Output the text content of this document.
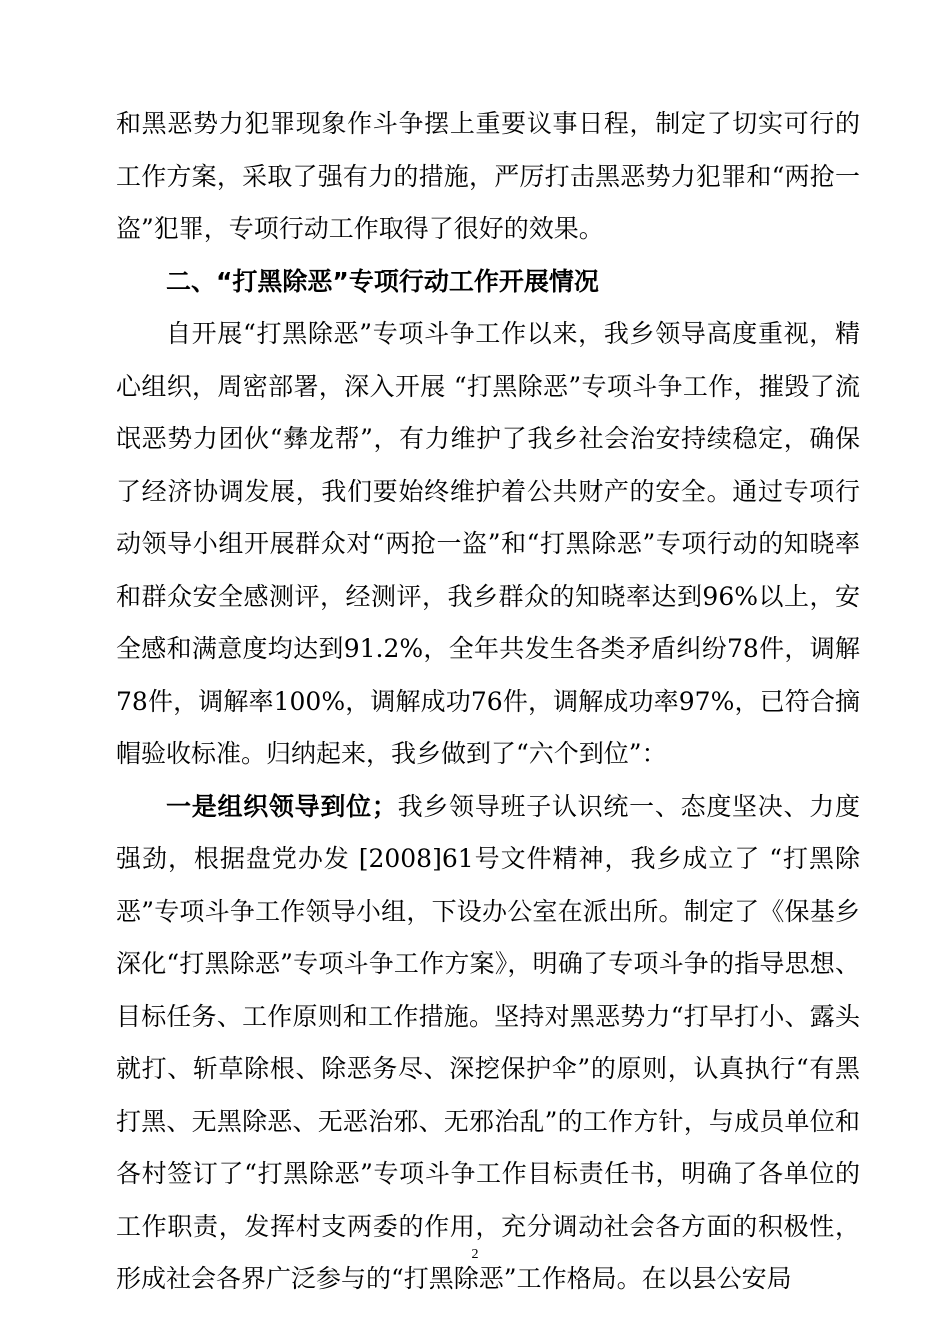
和黑恶势力犯罪现象作斗争摆上重要议事日程，制定了切实可行的工作方案，采取了强有力的措施，严厉打击黑恶势力犯罪和“两抢一盗”犯罪，专项行动工作取得了很好的效果。

二、“打黑除恶”专项行动工作开展情况

自开展“打黑除恶”专项斗争工作以来，我乡领导高度重视，精心组织，周密部署，深入开展 “打黑除恶”专项斗争工作，摧毁了流氓恶势力团伙“彝龙帮”，有力维护了我乡社会治安持续稳定，确保了经济协调发展，我们要始终维护着公共财产的安全。通过专项行动领导小组开展群众对“两抢一盗”和“打黑除恶”专项行动的知晓率和群众安全感测评，经测评，我乡群众的知晓率达到96%以上，安全感和满意度均达到91.2%，全年共发生各类矛盾纠纷78件，调解78件，调解率100%，调解成功76件，调解成功率97%，已符合摘帽验收标准。归纳起来，我乡做到了“六个到位”：

一是组织领导到位；我乡领导班子认识统一、态度坚决、力度强劲，根据盘党办发 [2008]61号文件精神，我乡成立了 “打黑除恶”专项斗争工作领导小组，下设办公室在派出所。制定了《保基乡深化“打黑除恶”专项斗争工作方案》，明确了专项斗争的指导思想、目标任务、工作原则和工作措施。坚持对黑恶势力“打早打小、露头就打、斩草除根、除恶务尽、深挖保护伞”的原则，认真执行“有黑打黑、无黑除恶、无恶治邪、无邪治乱”的工作方针，与成员单位和各村签订了“打黑除恶”专项斗争工作目标责任书，明确了各单位的工作职责，发挥村支两委的作用，充分调动社会各方面的积极性，形成社会各界广泛参与的“打黑除恶”工作格局。在以县公安局

2
